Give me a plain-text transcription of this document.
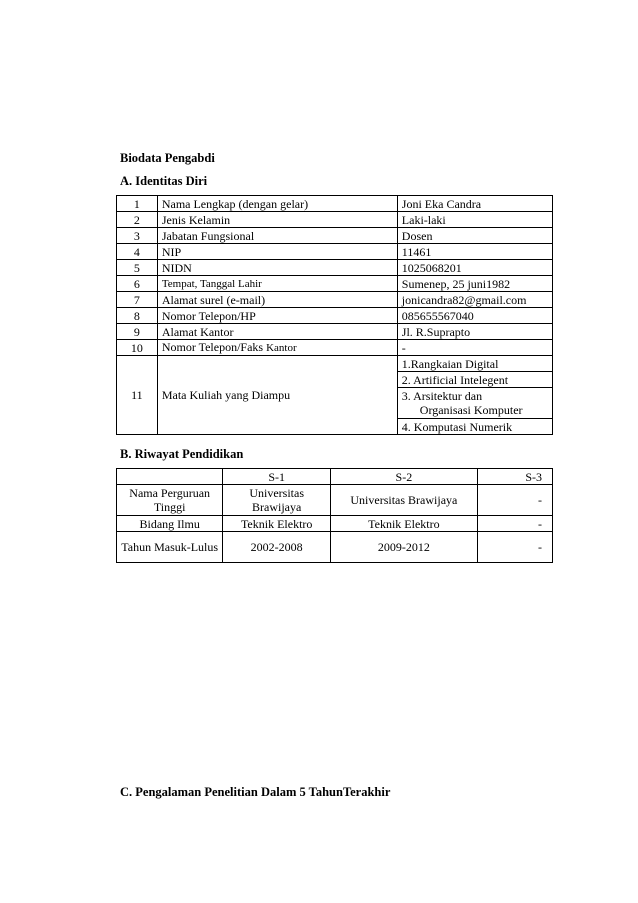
Biodata Pengabdi
A. Identitas Diri
1	Nama Lengkap (dengan gelar)	Joni Eka Candra
2	Jenis Kelamin	Laki-laki
3	Jabatan Fungsional	Dosen
4	NIP	11461
5	NIDN	1025068201
6	Tempat, Tanggal Lahir	Sumenep, 25 juni1982
7	Alamat surel (e-mail)	jonicandra82@gmail.com
8	Nomor Telepon/HP	085655567040
9	Alamat Kantor	Jl. R.Suprapto
10	Nomor Telepon/Faks Kantor	-
11	Mata Kuliah yang Diampu	1.Rangkaian Digital
		2. Artificial Intelegent
		3. Arsitektur dan
Organisasi Komputer
		4. Komputasi Numerik
B. Riwayat Pendidikan
	S-1	S-2	S-3
Nama Perguruan Tinggi	Universitas Brawijaya	Universitas Brawijaya	-
Bidang Ilmu	Teknik Elektro	Teknik Elektro	-
Tahun Masuk-Lulus	2002-2008	2009-2012	-
C. Pengalaman Penelitian Dalam 5 TahunTerakhir
